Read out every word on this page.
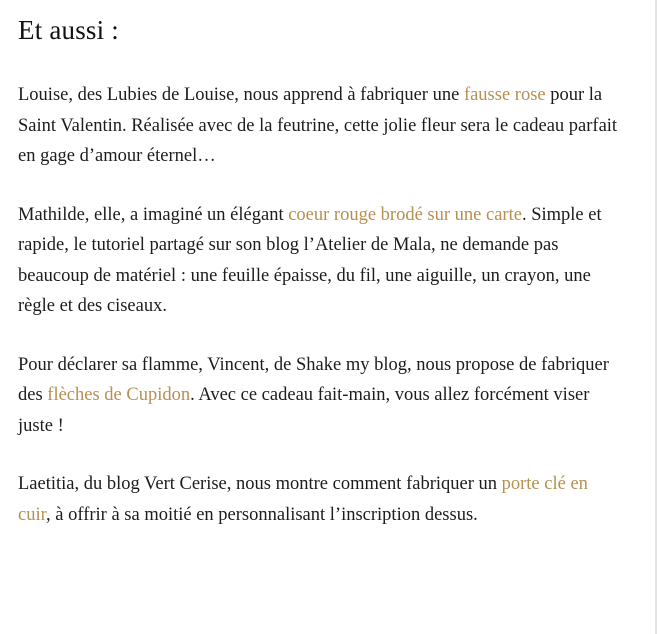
Et aussi :

Louise, des Lubies de Louise, nous apprend à fabriquer une fausse rose pour la Saint Valentin. Réalisée avec de la feutrine, cette jolie fleur sera le cadeau parfait en gage d’amour éternel…

Mathilde, elle, a imaginé un élégant coeur rouge brodé sur une carte. Simple et rapide, le tutoriel partagé sur son blog l’Atelier de Mala, ne demande pas beaucoup de matériel : une feuille épaisse, du fil, une aiguille, un crayon, une règle et des ciseaux.

Pour déclarer sa flamme, Vincent, de Shake my blog, nous propose de fabriquer des flèches de Cupidon. Avec ce cadeau fait-main, vous allez forcément viser juste !

Laetitia, du blog Vert Cerise, nous montre comment fabriquer un porte clé en cuir, à offrir à sa moitié en personnalisant l’inscription dessus.
